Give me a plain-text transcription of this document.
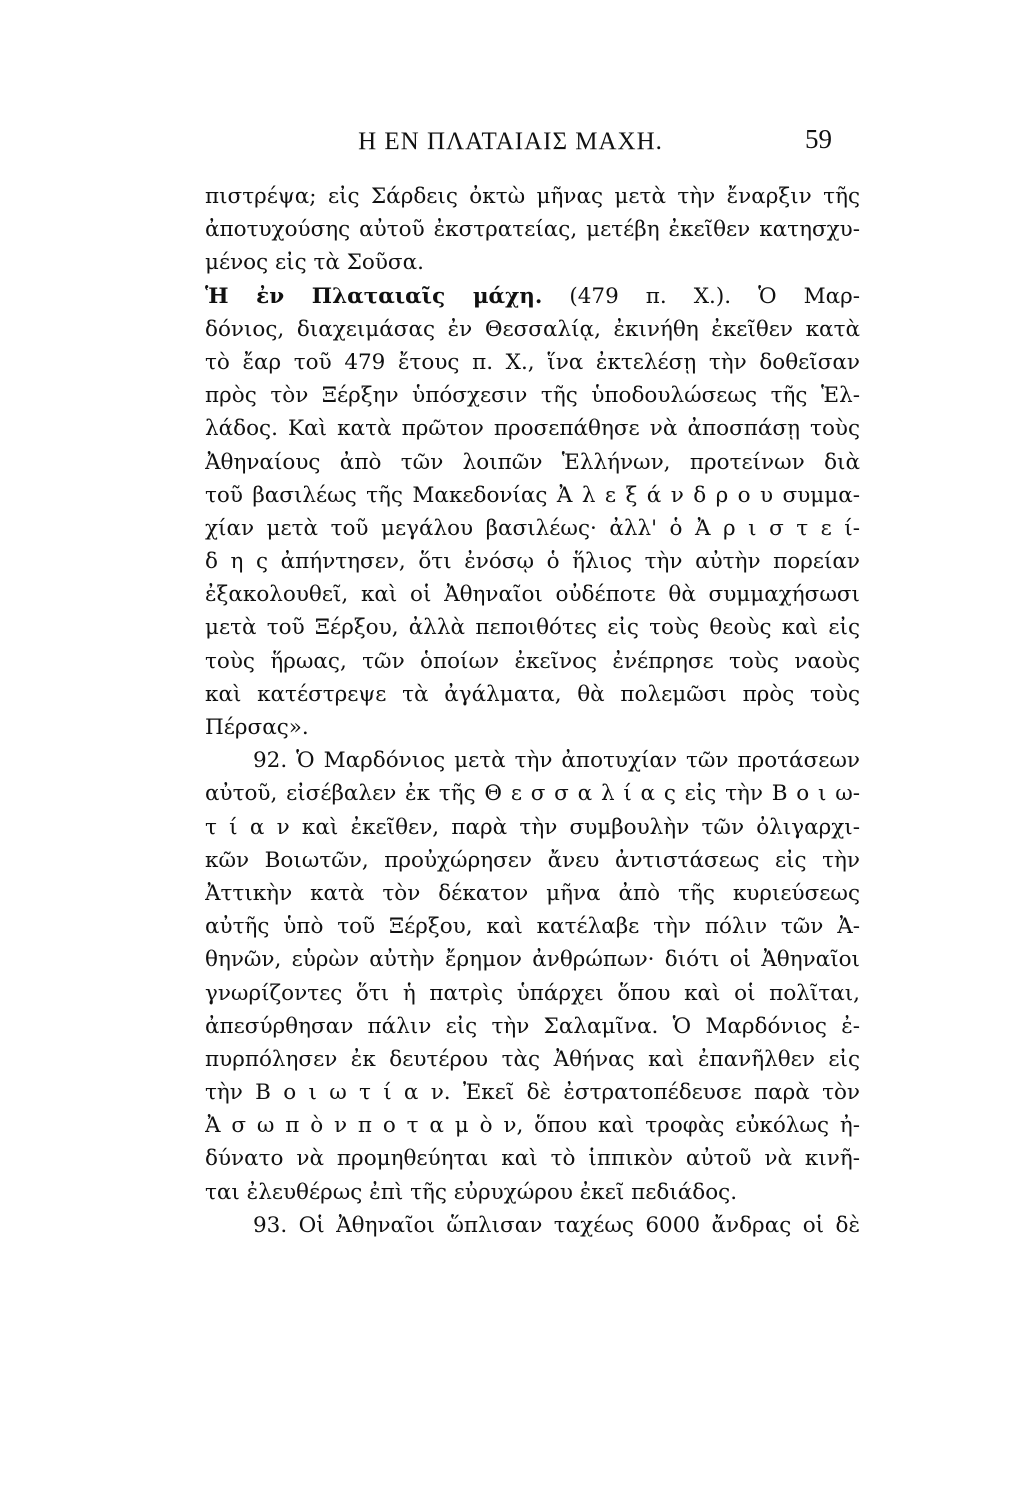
Η ΕΝ ΠΛΑΤΑΙΑΙΣ ΜΑΧΗ.	59
πιστρέψα; εἰς Σάρδεις ὀκτὼ μῆνας μετὰ τὴν ἔναρξιν τῆς
ἀποτυχούσης αὐτοῦ ἐκστρατείας, μετέβη ἐκεῖθεν κατησχυ-
μένος εἰς τὰ Σοῦσα.
Ἡ ἐν Πλαταιαῖς μάχη. (479 π. Χ.). Ὁ Μαρ-
δόνιος, διαχειμάσας ἐν Θεσσαλίᾳ, ἐκινήθη ἐκεῖθεν κατὰ
τὸ ἔαρ τοῦ 479 ἔτους π. Χ., ἵνα ἐκτελέσῃ τὴν δοθεῖσαν
πρὸς τὸν Ξέρξην ὑπόσχεσιν τῆς ὑποδουλώσεως τῆς Ἑλ-
λάδος. Καὶ κατὰ πρῶτον προσεπάθησε νὰ ἀποσπάσῃ τοὺς
Ἀθηναίους ἀπὸ τῶν λοιπῶν Ἑλλήνων, προτείνων διὰ
τοῦ βασιλέως τῆς Μακεδονίας Ἀ λ ε ξ ά ν δ ρ ο υ συμμα-
χίαν μετὰ τοῦ μεγάλου βασιλέως· ἀλλ' ὁ Ἀ ρ ι σ τ ε ί-
δ η ς ἀπήντησεν, ὅτι ἐνόσῳ ὁ ἥλιος τὴν αὐτὴν πορείαν
ἐξακολουθεῖ, καὶ οἱ Ἀθηναῖοι οὐδέποτε θὰ συμμαχήσωσι
μετὰ τοῦ Ξέρξου, ἀλλὰ πεποιθότες εἰς τοὺς θεοὺς καὶ εἰς
τοὺς ἥρωας, τῶν ὁποίων ἐκεῖνος ἐνέπρησε τοὺς ναοὺς
καὶ κατέστρεψε τὰ ἀγάλματα, θὰ πολεμῶσι πρὸς τοὺς
Πέρσας».
92. Ὁ Μαρδόνιος μετὰ τὴν ἀποτυχίαν τῶν προτάσεων
αὐτοῦ, εἰσέβαλεν ἐκ τῆς Θ ε σ σ α λ ί α ς εἰς τὴν Β ο ι ω-
τ ί α ν καὶ ἐκεῖθεν, παρὰ τὴν συμβουλὴν τῶν ὀλιγαρχι-
κῶν Βοιωτῶν, προὐχώρησεν ἄνευ ἀντιστάσεως εἰς τὴν
Ἀττικὴν κατὰ τὸν δέκατον μῆνα ἀπὸ τῆς κυριεύσεως
αὐτῆς ὑπὸ τοῦ Ξέρξου, καὶ κατέλαβε τὴν πόλιν τῶν Ἀ-
θηνῶν, εὑρὼν αὐτὴν ἔρημον ἀνθρώπων· διότι οἱ Ἀθηναῖοι
γνωρίζοντες ὅτι ἡ πατρὶς ὑπάρχει ὅπου καὶ οἱ πολῖται,
ἀπεσύρθησαν πάλιν εἰς τὴν Σαλαμῖνα. Ὁ Μαρδόνιος ἐ-
πυρπόλησεν ἐκ δευτέρου τὰς Ἀθήνας καὶ ἐπανῆλθεν εἰς
τὴν Β ο ι ω τ ί α ν. Ἐκεῖ δὲ ἐστρατοπέδευσε παρὰ τὸν
Ἀ σ ω π ὸ ν π ο τ α μ ὸ ν, ὅπου καὶ τροφὰς εὐκόλως ἠ-
δύνατο νὰ προμηθεύηται καὶ τὸ ἱππικὸν αὐτοῦ νὰ κινῆ-
ται ἐλευθέρως ἐπὶ τῆς εὐρυχώρου ἐκεῖ πεδιάδος.
93. Οἱ Ἀθηναῖοι ὥπλισαν ταχέως 6000 ἄνδρας οἱ δὲ
